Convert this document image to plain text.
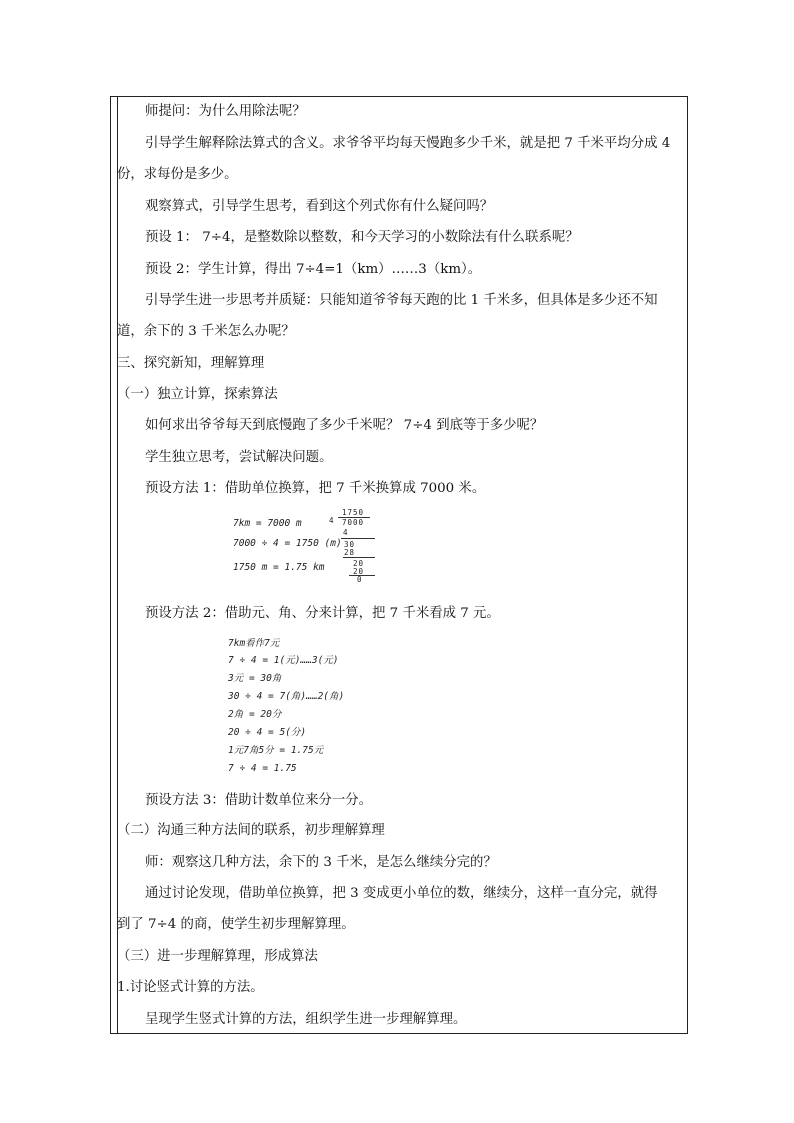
师提问：为什么用除法呢？
引导学生解释除法算式的含义。求爷爷平均每天慢跑多少千米，就是把 7 千米平均分成 4
份，求每份是多少。
观察算式，引导学生思考，看到这个列式你有什么疑问吗？
预设 1： 7÷4，是整数除以整数，和今天学习的小数除法有什么联系呢？
预设 2：学生计算，得出 7÷4=1（km）……3（km）。
引导学生进一步思考并质疑：只能知道爷爷每天跑的比 1 千米多，但具体是多少还不知
道，余下的 3 千米怎么办呢？
三、探究新知，理解算理
（一）独立计算，探索算法
如何求出爷爷每天到底慢跑了多少千米呢？ 7÷4 到底等于多少呢？
学生独立思考，尝试解决问题。
预设方法 1：借助单位换算，把 7 千米换算成 7000 米。
7km = 7000 m
7000 ÷ 4 = 1750 (m)
1750 m = 1.75 km
4
1750
7000
4
30
28
20
20
0
预设方法 2：借助元、角、分来计算，把 7 千米看成 7 元。
7km看作7元
7 ÷ 4 = 1(元)……3(元)
3元 = 30角
30 ÷ 4 = 7(角)……2(角)
2角 = 20分
20 ÷ 4 = 5(分)
1元7角5分 = 1.75元
7 ÷ 4 = 1.75
预设方法 3：借助计数单位来分一分。
（二）沟通三种方法间的联系，初步理解算理
师：观察这几种方法，余下的 3 千米，是怎么继续分完的？
通过讨论发现，借助单位换算，把 3 变成更小单位的数，继续分，这样一直分完，就得
到了 7÷4 的商，使学生初步理解算理。
（三）进一步理解算理，形成算法
1.讨论竖式计算的方法。
呈现学生竖式计算的方法，组织学生进一步理解算理。
